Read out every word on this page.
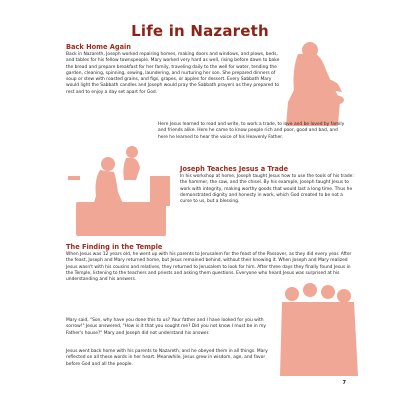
Life in Nazareth
Back Home Again
Back in Nazareth, Joseph worked repairing homes, making doors and windows, and plows, beds, and tables for his fellow townspeople. Mary worked very hard as well, rising before dawn to bake the bread and prepare breakfast for her family, traveling daily to the well for water, tending the garden, cleaning, spinning, sewing, laundering, and nurturing her son. She prepared dinners of soup or stew with roasted grains, and figs, grapes, or apples for dessert. Every Sabbath Mary would light the Sabbath candles and Joseph would pray the Sabbath prayers as they prepared to rest and to enjoy a day set apart for God.
Here Jesus learned to read and write, to work a trade, to love and be loved by family and friends alike. Here he came to know people rich and poor, good and bad, and here he learned to hear the voice of his Heavenly Father.
Joseph Teaches Jesus a Trade
In his workshop at home, Joseph taught Jesus how to use the tools of his trade: the hammer, the saw, and the chisel. By his example, Joseph taught Jesus to work with integrity, making worthy goods that would last a long time. Thus he demonstrated dignity and honesty in work, which God created to be not a curse to us, but a blessing.
The Finding in the Temple
When Jesus was 12 years old, he went up with his parents to Jerusalem for the feast of the Passover, as they did every year. After the feast, Joseph and Mary returned home, but Jesus remained behind, without their knowing it. When Joseph and Mary realized Jesus wasn't with his cousins and relatives, they returned to Jerusalem to look for him. After three days they finally found Jesus in the Temple, listening to the teachers and priests and asking them questions. Everyone who heard Jesus was surprised at his understanding and his answers.
Mary said, "Son, why have you done this to us? Your father and I have looked for you with sorrow!" Jesus answered, "How is it that you sought me? Did you not know I must be in my Father's house?" Mary and Joseph did not understand his answer.
Jesus went back home with his parents to Nazareth, and he obeyed them in all things. Mary reflected on all these words in her heart. Meanwhile, Jesus grew in wisdom, age, and favor before God and all the people.
7
